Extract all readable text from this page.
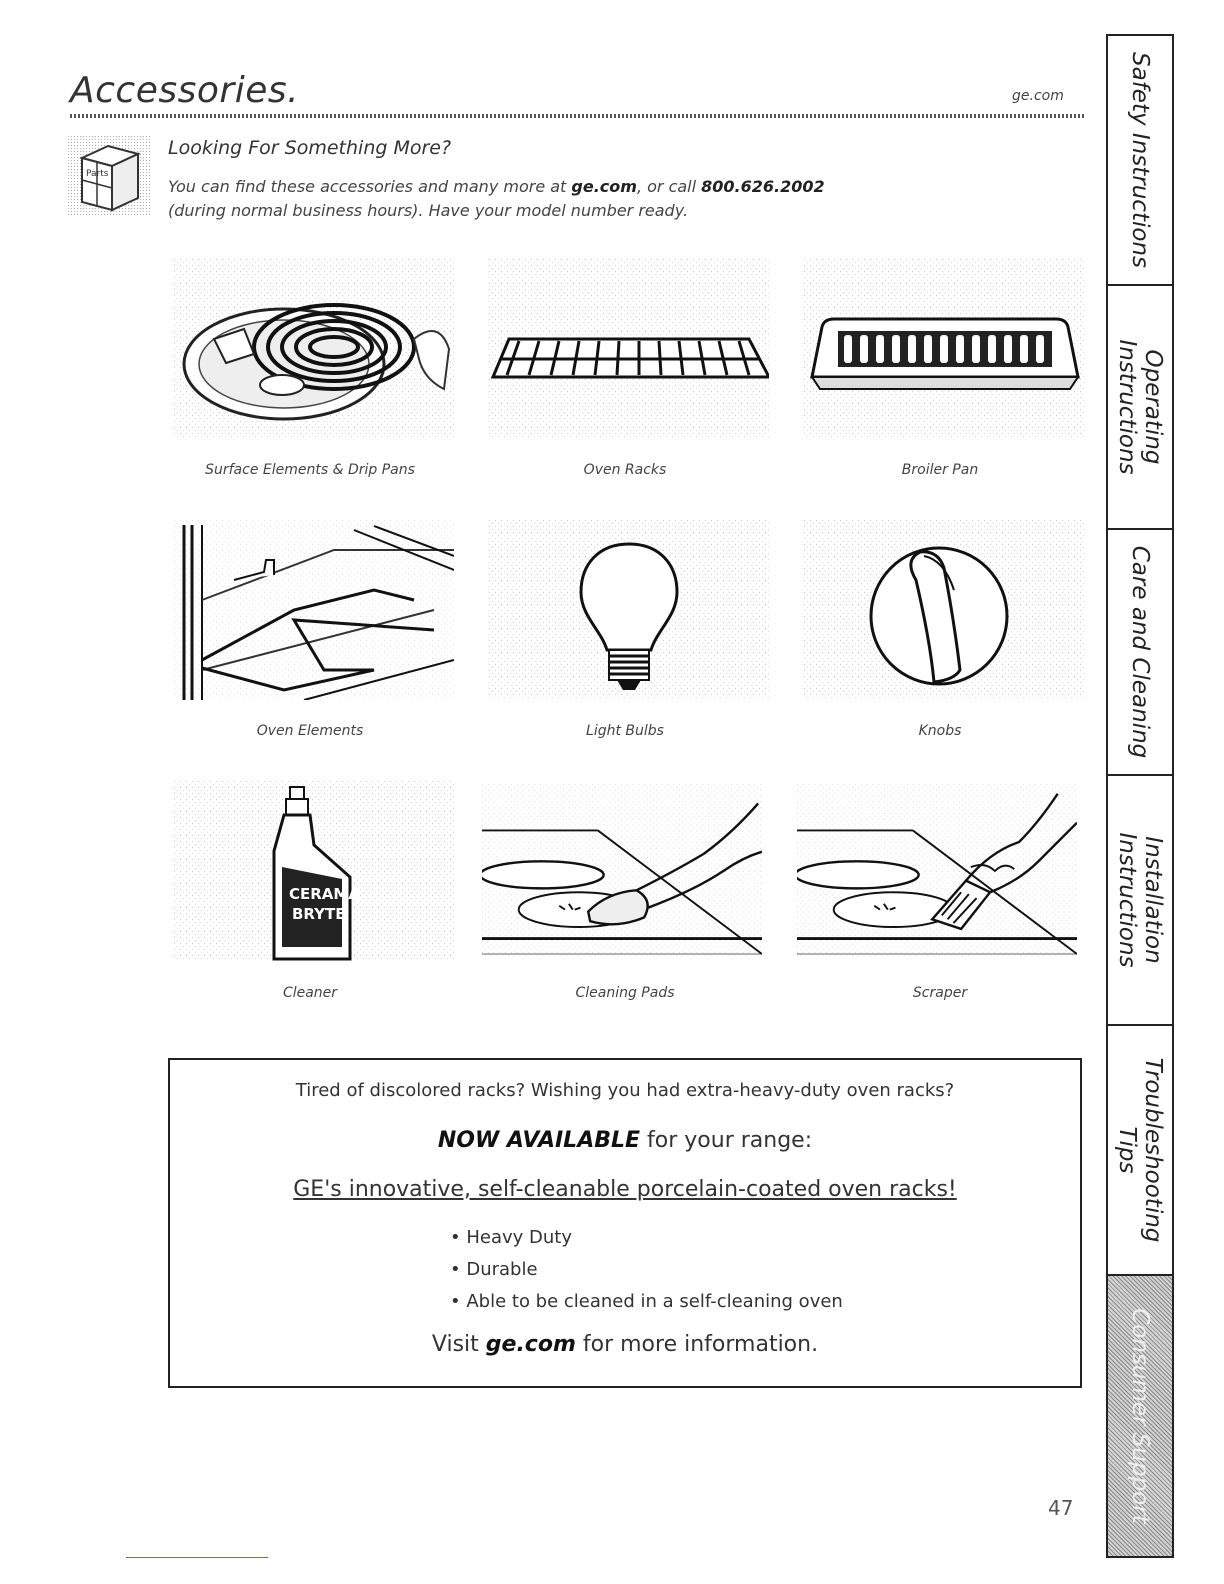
Accessories.	ge.com
Parts
Looking For Something More?
You can find these accessories and many more at ge.com, or call 800.626.2002
(during normal business hours). Have your model number ready.
Surface Elements & Drip Pans	Oven Racks	Broiler Pan
Oven Elements	Light Bulbs	Knobs
CERAMA
BRYTE
Cleaner	Cleaning Pads	Scraper
Tired of discolored racks? Wishing you had extra-heavy-duty oven racks?
NOW AVAILABLE for your range:
GE's innovative, self-cleanable porcelain-coated oven racks!
• Heavy Duty
• Durable
• Able to be cleaned in a self-cleaning oven
Visit ge.com for more information.
Safety Instructions
Operating
Instructions
Care and Cleaning
Installation
Instructions
Troubleshooting
Tips
Consumer Support
47
